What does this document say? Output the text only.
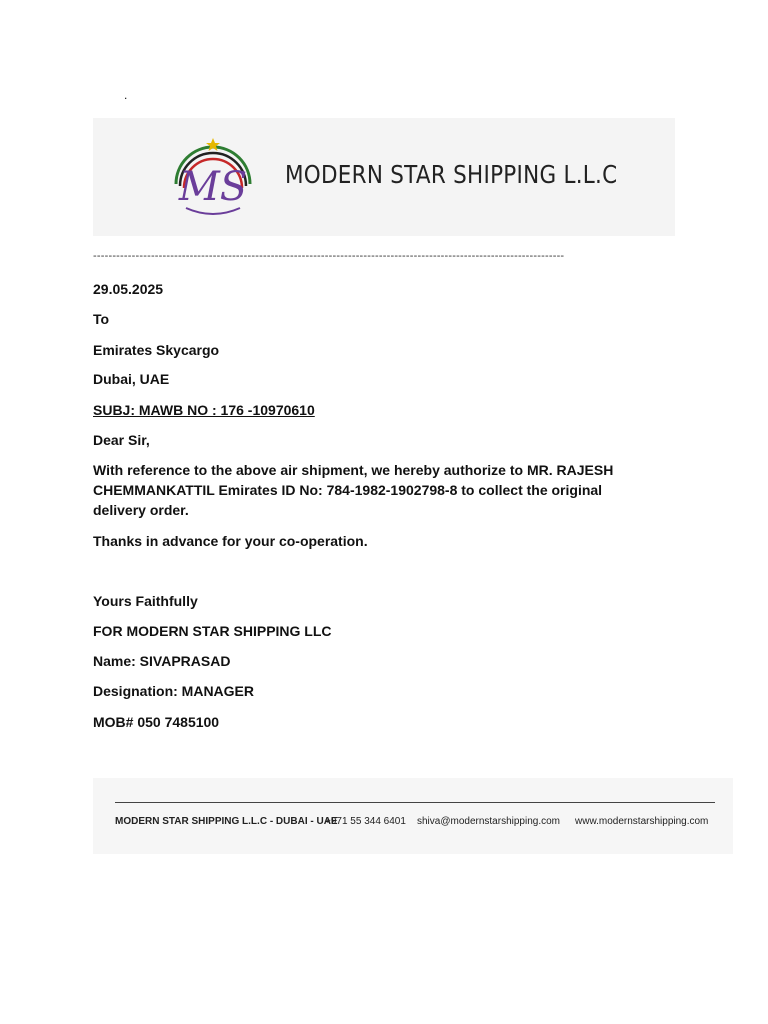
.
MS MODERN STAR SHIPPING L.L.C
--------------------------------------------------------------------------------------------------------------------------
29.05.2025
To
Emirates Skycargo
Dubai, UAE
SUBJ: MAWB NO : 176 -10970610
Dear Sir,
With reference to the above air shipment, we hereby authorize to MR. RAJESH CHEMMANKATTIL Emirates ID No: 784-1982-1902798-8 to collect the original delivery order.
Thanks in advance for your co-operation.
Yours Faithfully
FOR MODERN STAR SHIPPING LLC
Name: SIVAPRASAD
Designation: MANAGER
MOB# 050 7485100
MODERN STAR SHIPPING L.L.C - DUBAI - UAE
+971 55 344 6401 shiva@modernstarshipping.com www.modernstarshipping.com
